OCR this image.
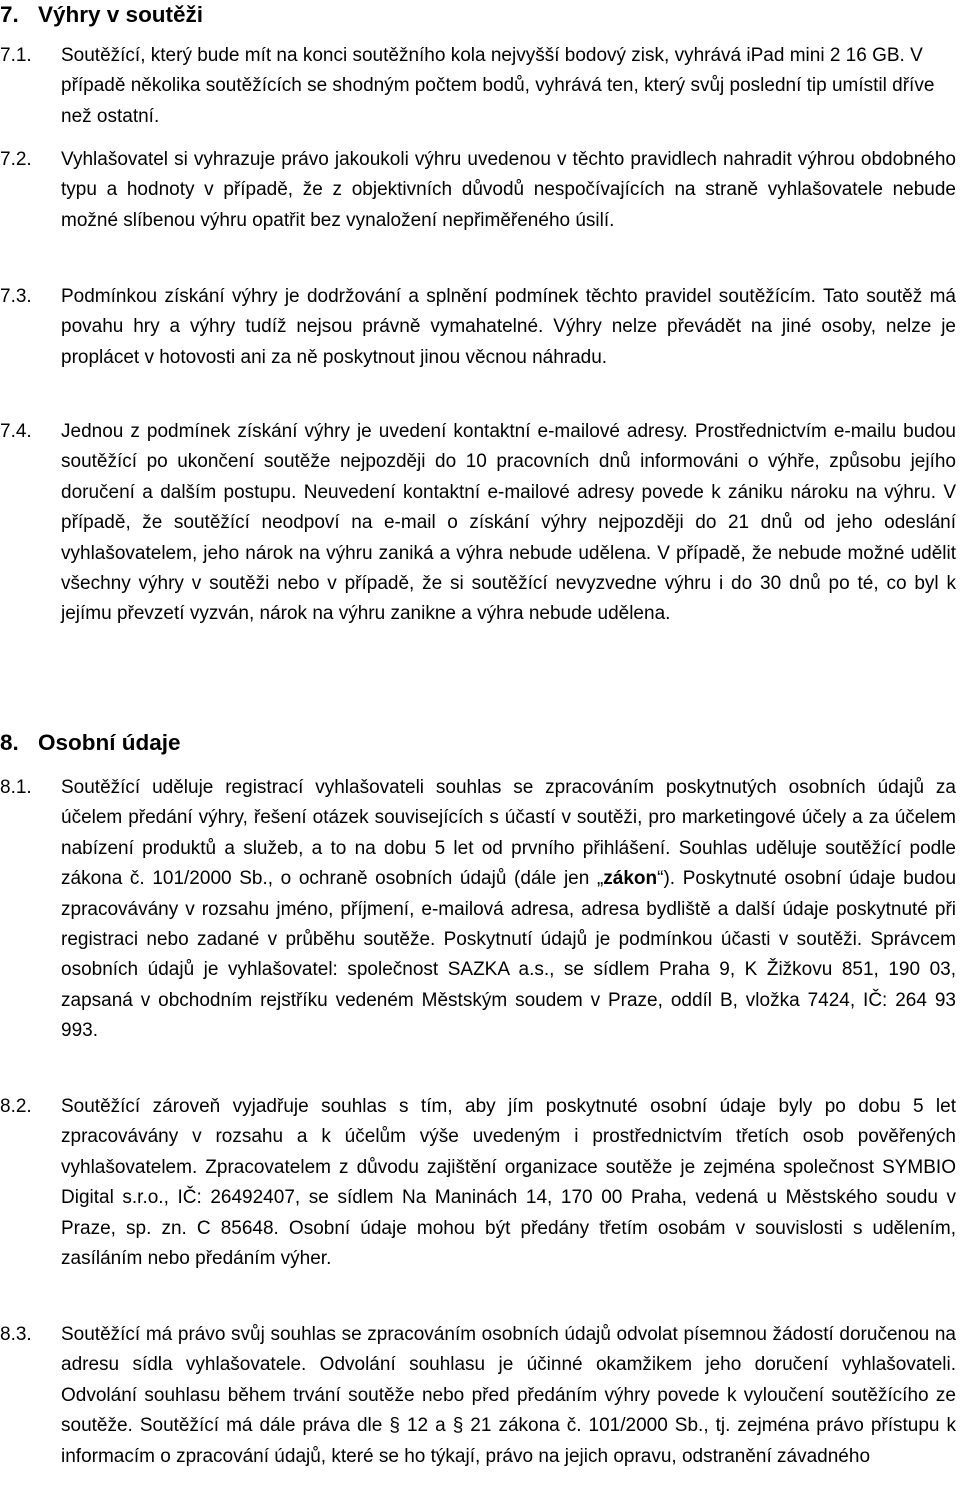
7. Výhry v soutěži
7.1.	Soutěžící, který bude mít na konci soutěžního kola nejvyšší bodový zisk, vyhrává iPad mini 2 16 GB. V případě několika soutěžících se shodným počtem bodů, vyhrává ten, který svůj poslední tip umístil dříve než ostatní.
7.2.	Vyhlašovatel si vyhrazuje právo jakoukoli výhru uvedenou v těchto pravidlech nahradit výhrou obdobného typu a hodnoty v případě, že z objektivních důvodů nespočívajících na straně vyhlašovatele nebude možné slíbenou výhru opatřit bez vynaložení nepřiměřeného úsilí.
7.3.	Podmínkou získání výhry je dodržování a splnění podmínek těchto pravidel soutěžícím. Tato soutěž má povahu hry a výhry tudíž nejsou právně vymahatelné. Výhry nelze převádět na jiné osoby, nelze je proplácet v hotovosti ani za ně poskytnout jinou věcnou náhradu.
7.4.	Jednou z podmínek získání výhry je uvedení kontaktní e-mailové adresy. Prostřednictvím e-mailu budou soutěžící po ukončení soutěže nejpozději do 10 pracovních dnů informováni o výhře, způsobu jejího doručení a dalším postupu. Neuvedení kontaktní e-mailové adresy povede k zániku nároku na výhru. V případě, že soutěžící neodpoví na e-mail o získání výhry nejpozději do 21 dnů od jeho odeslání vyhlašovatelem, jeho nárok na výhru zaniká a výhra nebude udělena. V případě, že nebude možné udělit všechny výhry v soutěži nebo v případě, že si soutěžící nevyzvedne výhru i do 30 dnů po té, co byl k jejímu převzetí vyzván, nárok na výhru zanikne a výhra nebude udělena.
8. Osobní údaje
8.1.	Soutěžící uděluje registrací vyhlašovateli souhlas se zpracováním poskytnutých osobních údajů za účelem předání výhry, řešení otázek souvisejících s účastí v soutěži, pro marketingové účely a za účelem nabízení produktů a služeb, a to na dobu 5 let od prvního přihlášení. Souhlas uděluje soutěžící podle zákona č. 101/2000 Sb., o ochraně osobních údajů (dále jen „zákon“). Poskytnuté osobní údaje budou zpracovávány v rozsahu jméno, příjmení, e-mailová adresa, adresa bydliště a další údaje poskytnuté při registraci nebo zadané v průběhu soutěže. Poskytnutí údajů je podmínkou účasti v soutěži. Správcem osobních údajů je vyhlašovatel: společnost SAZKA a.s., se sídlem Praha 9, K Žižkovu 851, 190 03, zapsaná v obchodním rejstříku vedeném Městským soudem v Praze, oddíl B, vložka 7424, IČ: 264 93 993.
8.2.	Soutěžící zároveň vyjadřuje souhlas s tím, aby jím poskytnuté osobní údaje byly po dobu 5 let zpracovávány v rozsahu a k účelům výše uvedeným i prostřednictvím třetích osob pověřených vyhlašovatelem. Zpracovatelem z důvodu zajištění organizace soutěže je zejména společnost SYMBIO Digital s.r.o., IČ: 26492407, se sídlem Na Maninách 14, 170 00 Praha, vedená u Městského soudu v Praze, sp. zn. C 85648. Osobní údaje mohou být předány třetím osobám v souvislosti s udělením, zasíláním nebo předáním výher.
8.3.	Soutěžící má právo svůj souhlas se zpracováním osobních údajů odvolat písemnou žádostí doručenou na adresu sídla vyhlašovatele. Odvolání souhlasu je účinné okamžikem jeho doručení vyhlašovateli. Odvolání souhlasu během trvání soutěže nebo před předáním výhry povede k vyloučení soutěžícího ze soutěže. Soutěžící má dále práva dle § 12 a § 21 zákona č. 101/2000 Sb., tj. zejména právo přístupu k informacím o zpracování údajů, které se ho týkají, právo na jejich opravu, odstranění závadného
